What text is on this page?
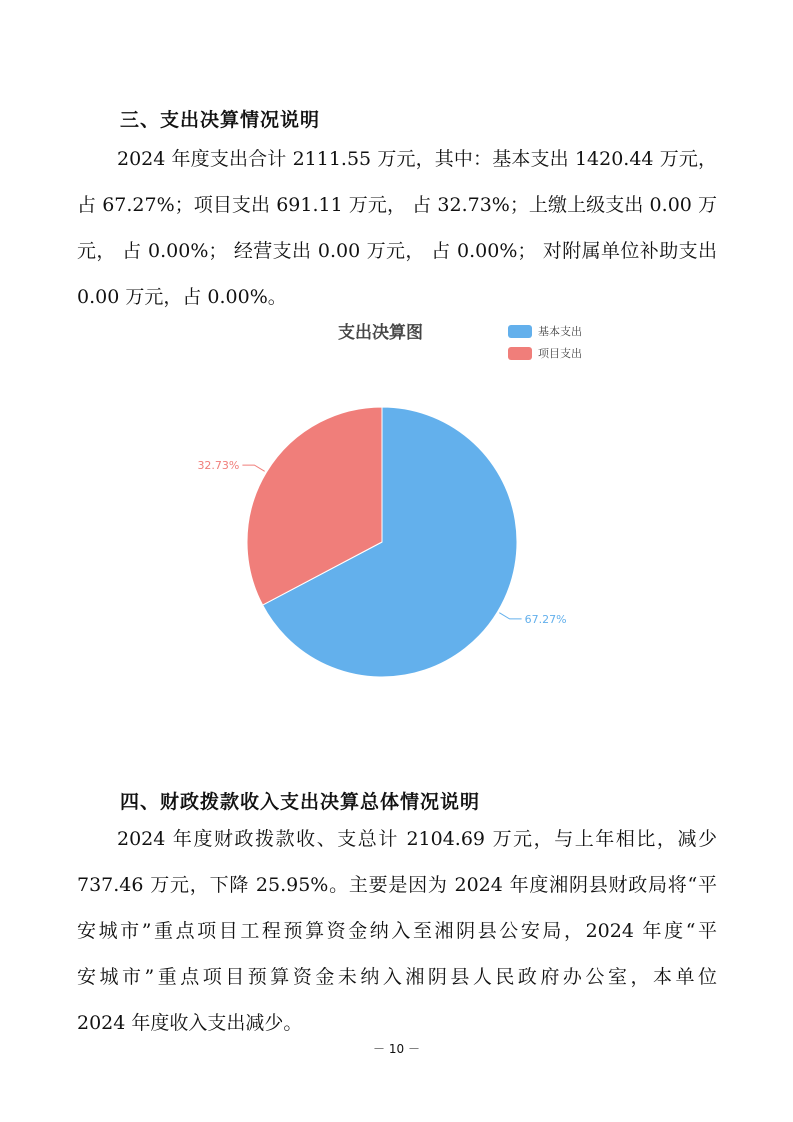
三、支出决算情况说明
2024 年度支出合计 2111.55 万元，其中：基本支出 1420.44 万元，
占 67.27%；项目支出 691.11 万元， 占 32.73%；上缴上级支出 0.00 万
元， 占 0.00%； 经营支出 0.00 万元， 占 0.00%； 对附属单位补助支出
0.00 万元，占 0.00%。
支出决算图	基本支出
项目支出
67.27%
32.73%
四、财政拨款收入支出决算总体情况说明
2024 年度财政拨款收、支总计 2104.69 万元，与上年相比，减少
737.46 万元，下降 25.95%。主要是因为 2024 年度湘阴县财政局将“平
安城市”重点项目工程预算资金纳入至湘阴县公安局，2024 年度“平
安城市”重点项目预算资金未纳入湘阴县人民政府办公室，本单位
2024 年度收入支出减少。
－ 10 －
